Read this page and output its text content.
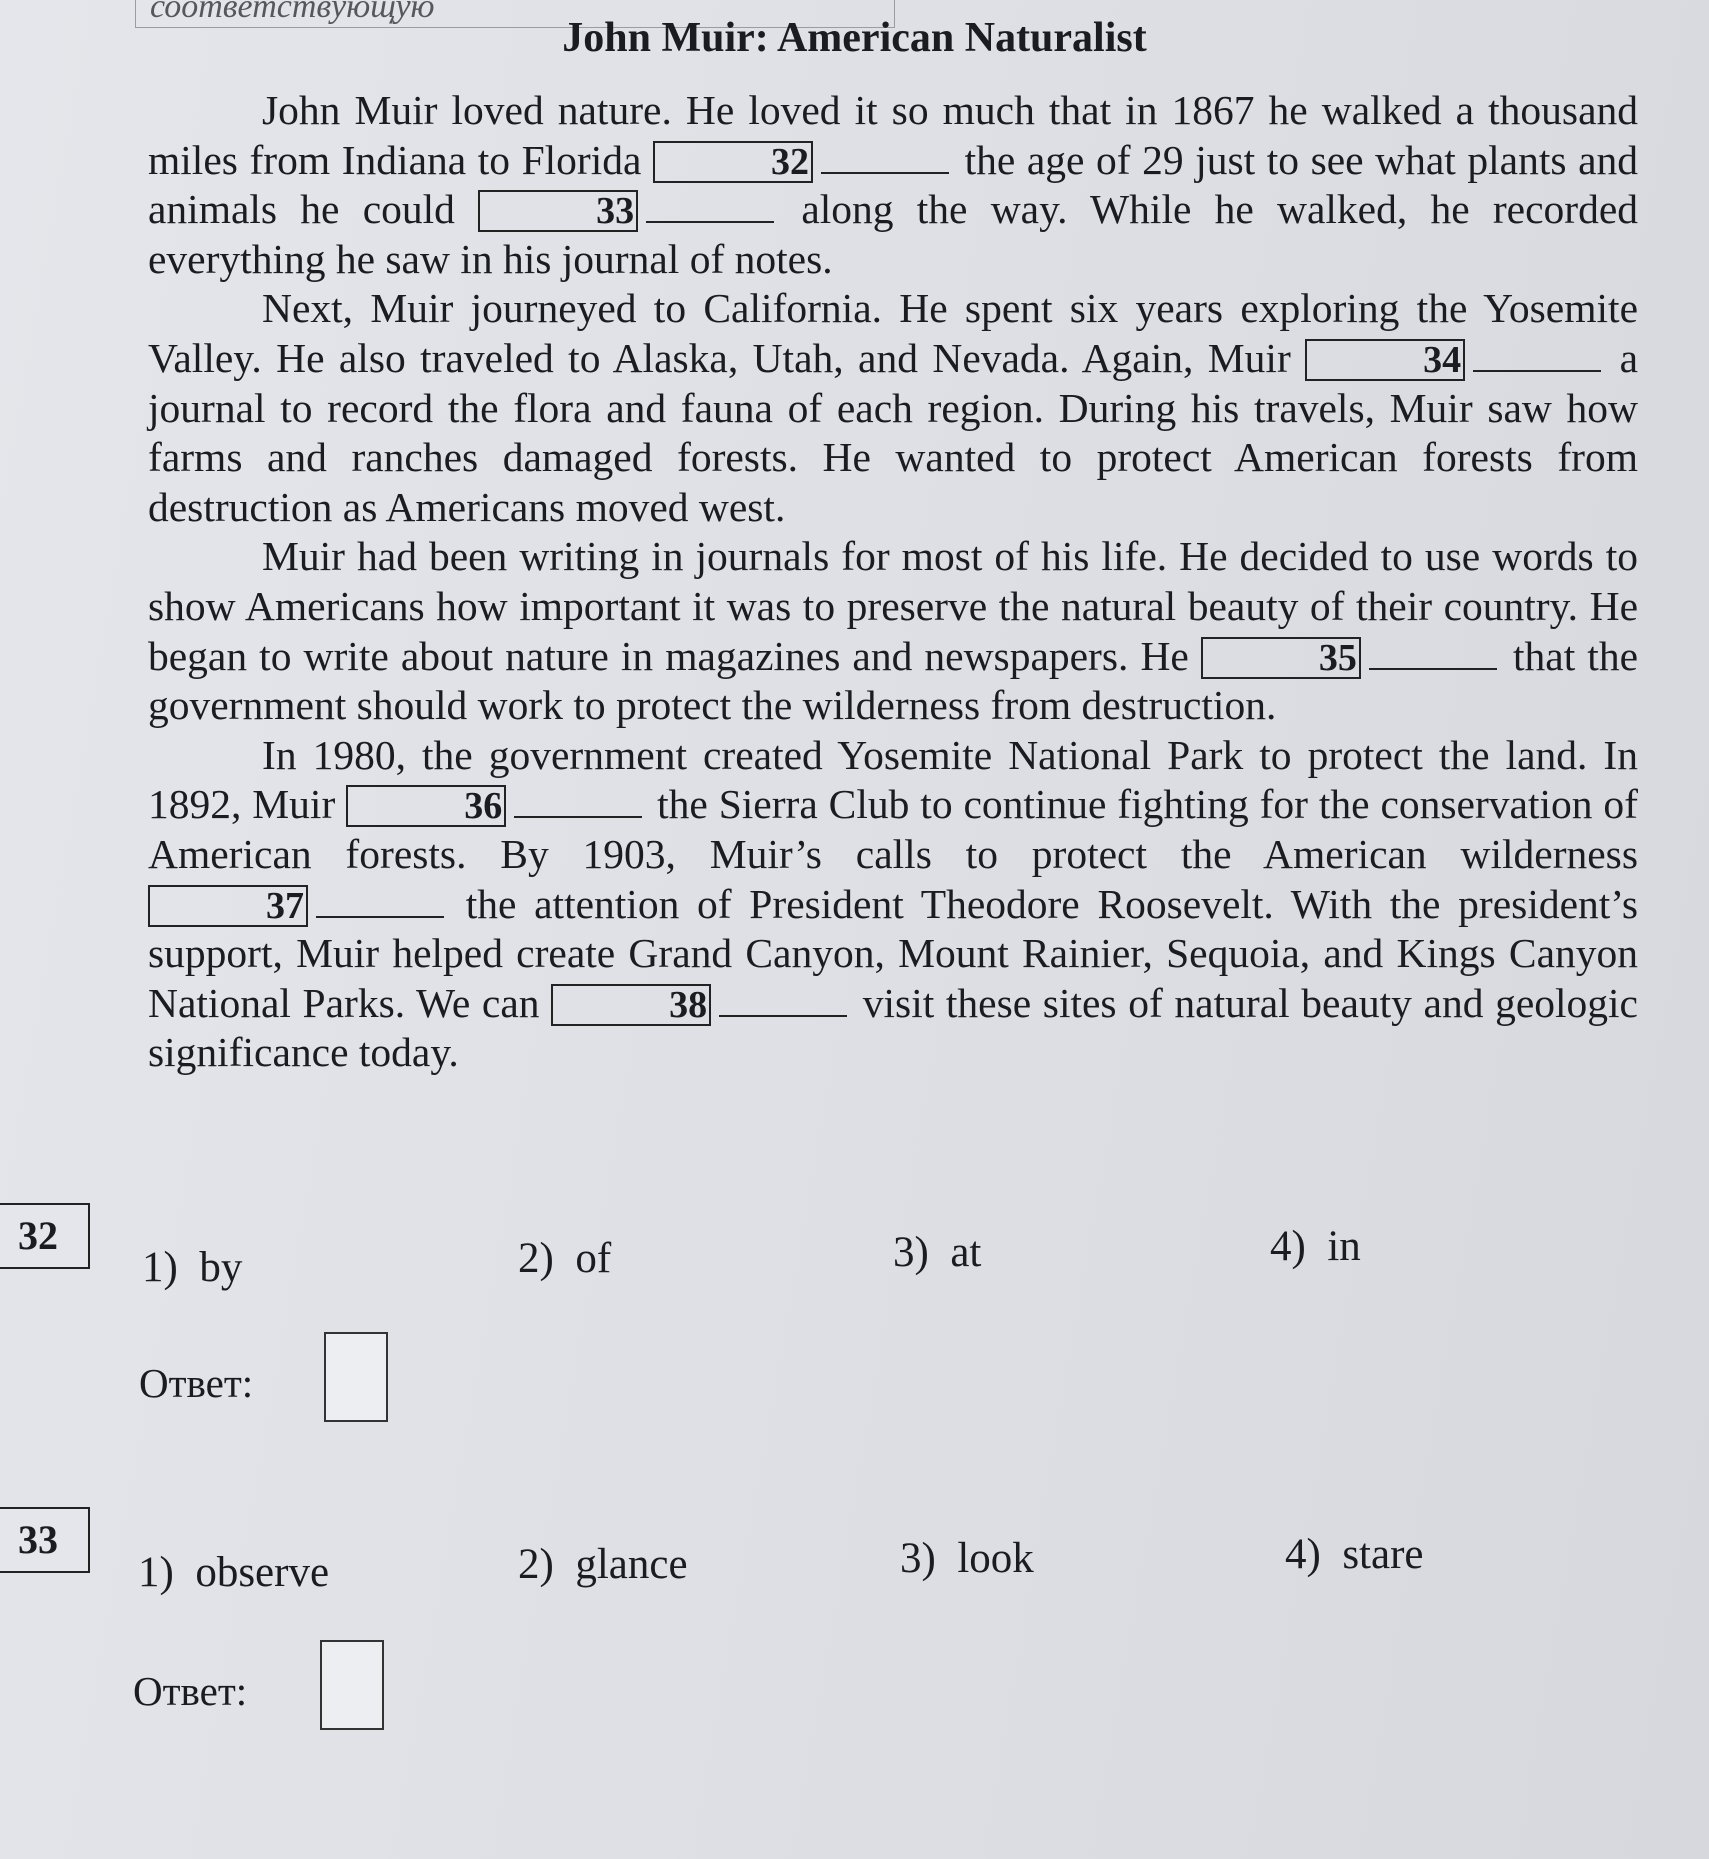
соответствующую
John Muir: American Naturalist

John Muir loved nature. He loved it so much that in 1867 he walked a thousand miles from Indiana to Florida	32	the age of 29 just to see what plants and animals he could	33	along the way. While he walked, he recorded everything he saw in his journal of notes.

Next, Muir journeyed to California. He spent six years exploring the Yosemite Valley. He also traveled to Alaska, Utah, and Nevada. Again, Muir	34	a journal to record the flora and fauna of each region. During his travels, Muir saw how farms and ranches damaged forests. He wanted to protect American forests from destruction as Americans moved west.

Muir had been writing in journals for most of his life. He decided to use words to show Americans how important it was to preserve the natural beauty of their country. He began to write about nature in magazines and newspapers. He	35	that the government should work to protect the wilderness from destruction.

In 1980, the government created Yosemite National Park to protect the land. In 1892, Muir	36	the Sierra Club to continue fighting for the conservation of American forests. By 1903, Muir’s calls to protect the American wilderness 37	the attention of President Theodore Roosevelt. With the president’s support, Muir helped create Grand Canyon, Mount Rainier, Sequoia, and Kings Canyon National Parks. We can	38	visit these sites of natural beauty and geologic significance today.

32
1) by	2) of	3) at	4) in
Ответ:
33
1) observe	2) glance	3) look	4) stare
Ответ:
